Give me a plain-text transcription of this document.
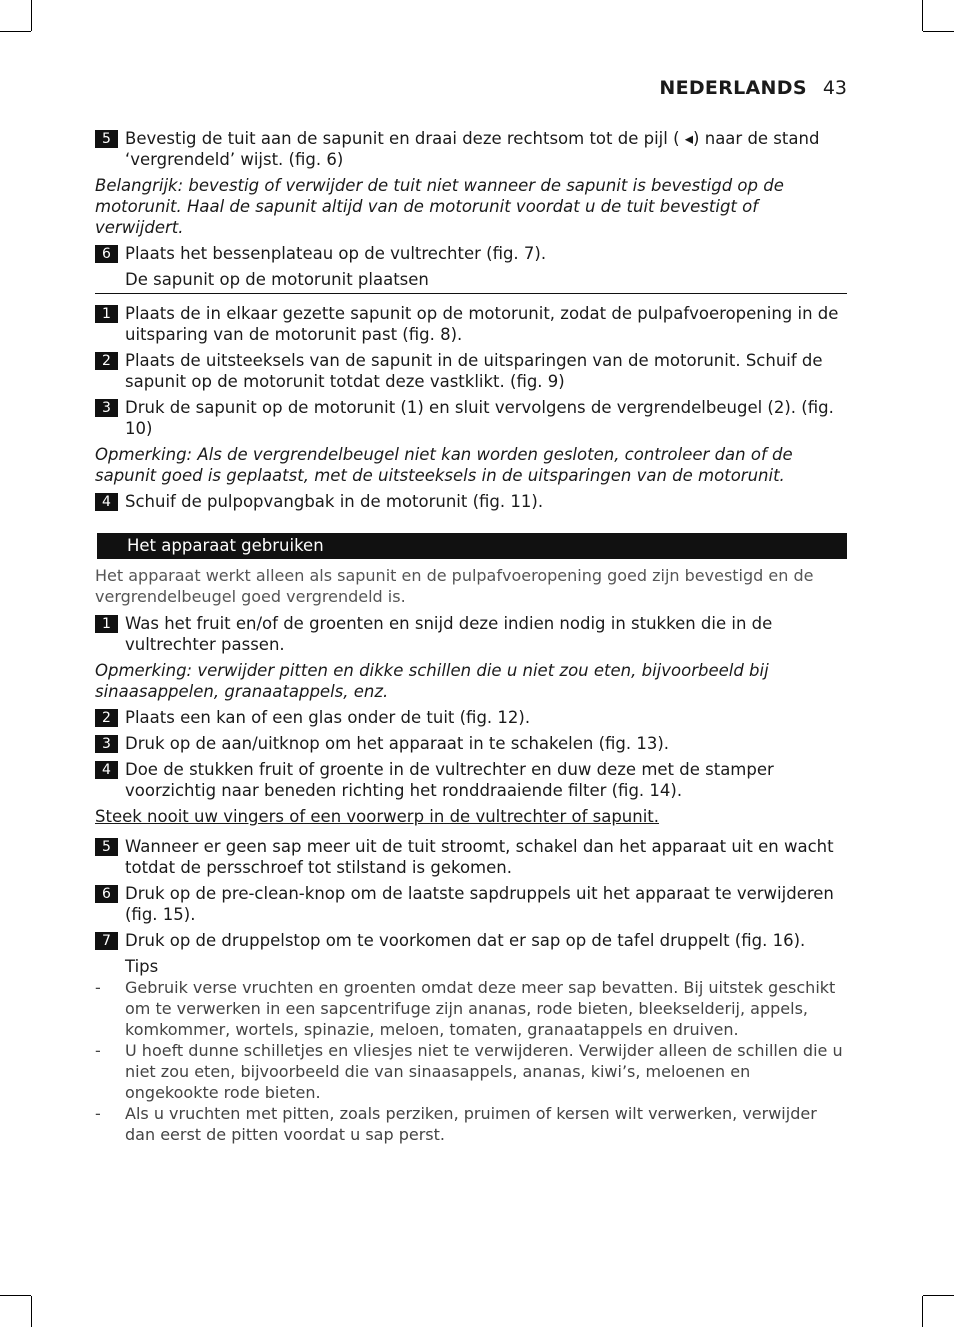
NEDERLANDS 43
5 Bevestig de tuit aan de sapunit en draai deze rechtsom tot de pijl ( ◂) naar de stand ‘vergrendeld’ wijst. (fig. 6)
Belangrijk: bevestig of verwijder de tuit niet wanneer de sapunit is bevestigd op de motorunit. Haal de sapunit altijd van de motorunit voordat u de tuit bevestigt of verwijdert.
6 Plaats het bessenplateau op de vultrechter (fig. 7).
De sapunit op de motorunit plaatsen
1 Plaats de in elkaar gezette sapunit op de motorunit, zodat de pulpafvoeropening in de uitsparing van de motorunit past (fig. 8).
2 Plaats de uitsteeksels van de sapunit in de uitsparingen van de motorunit. Schuif de sapunit op de motorunit totdat deze vastklikt. (fig. 9)
3 Druk de sapunit op de motorunit (1) en sluit vervolgens de vergrendelbeugel (2). (fig. 10)
Opmerking: Als de vergrendelbeugel niet kan worden gesloten, controleer dan of de sapunit goed is geplaatst, met de uitsteeksels in de uitsparingen van de motorunit.
4 Schuif de pulpopvangbak in de motorunit (fig. 11).
Het apparaat gebruiken
Het apparaat werkt alleen als sapunit en de pulpafvoeropening goed zijn bevestigd en de vergrendelbeugel goed vergrendeld is.
1 Was het fruit en/of de groenten en snijd deze indien nodig in stukken die in de vultrechter passen.
Opmerking: verwijder pitten en dikke schillen die u niet zou eten, bijvoorbeeld bij sinaasappelen, granaatappels, enz.
2 Plaats een kan of een glas onder de tuit (fig. 12).
3 Druk op de aan/uitknop om het apparaat in te schakelen (fig. 13).
4 Doe de stukken fruit of groente in de vultrechter en duw deze met de stamper voorzichtig naar beneden richting het ronddraaiende filter (fig. 14).
Steek nooit uw vingers of een voorwerp in de vultrechter of sapunit.
5 Wanneer er geen sap meer uit de tuit stroomt, schakel dan het apparaat uit en wacht totdat de persschroef tot stilstand is gekomen.
6 Druk op de pre-clean-knop om de laatste sapdruppels uit het apparaat te verwijderen (fig. 15).
7 Druk op de druppelstop om te voorkomen dat er sap op de tafel druppelt (fig. 16).
Tips
- Gebruik verse vruchten en groenten omdat deze meer sap bevatten. Bij uitstek geschikt om te verwerken in een sapcentrifuge zijn ananas, rode bieten, bleekselderij, appels, komkommer, wortels, spinazie, meloen, tomaten, granaatappels en druiven.
- U hoeft dunne schilletjes en vliesjes niet te verwijderen. Verwijder alleen de schillen die u niet zou eten, bijvoorbeeld die van sinaasappels, ananas, kiwi’s, meloenen en ongekookte rode bieten.
- Als u vruchten met pitten, zoals perziken, pruimen of kersen wilt verwerken, verwijder dan eerst de pitten voordat u sap perst.
